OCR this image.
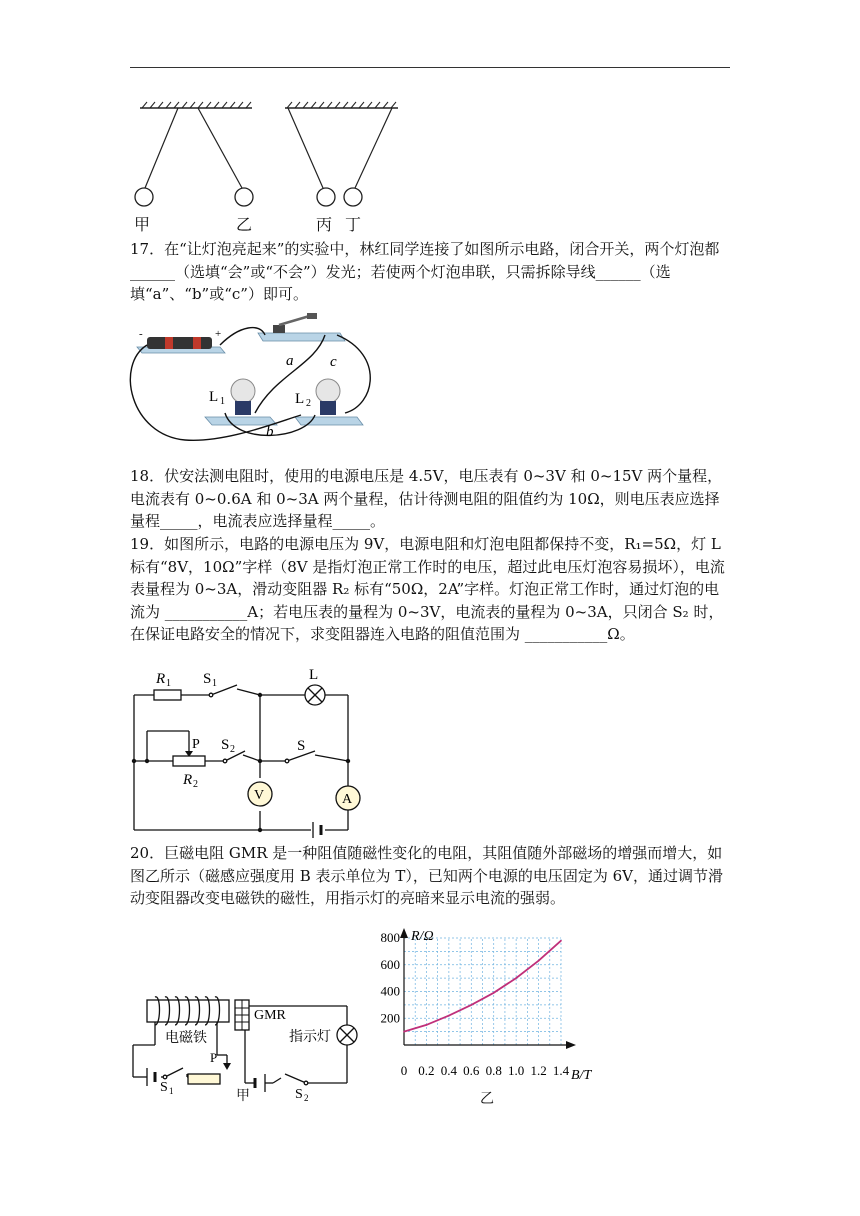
甲	乙	丙 丁

17．在“让灯泡亮起来”的实验中，林红同学连接了如图所示电路，闭合开关，两个灯泡都______（选填“会”或“不会”）发光；若使两个灯泡串联，只需拆除导线______（选填“a”、“b”或“c”）即可。

-	+
a c
b
L 1	L 2

18．伏安法测电阻时，使用的电源电压是 4.5V，电压表有 0~3V 和 0~15V 两个量程，电流表有 0~0.6A 和 0~3A 两个量程，估计待测电阻的阻值约为 10Ω，则电压表应选择量程_____，电流表应选择量程_____。

19．如图所示，电路的电源电压为 9V，电源电阻和灯泡电阻都保持不变，R₁=5Ω，灯 L 标有“8V，10Ω”字样（8V 是指灯泡正常工作时的电压，超过此电压灯泡容易损坏），电流表量程为 0~3A，滑动变阻器 R₂ 标有“50Ω，2A”字样。灯泡正常工作时，通过灯泡的电流为 ___________A；若电压表的量程为 0~3V，电流表的量程为 0~3A，只闭合 S₂ 时，在保证电路安全的情况下，求变阻器连入电路的阻值范围为 ___________Ω。

V	A
R 1 S 1
L
P S 2
R 2
S

20．巨磁电阻 GMR 是一种阻值随磁性变化的电阻，其阻值随外部磁场的增强而增大，如图乙所示（磁感应强度用 B 表示单位为 T），已知两个电源的电压固定为 6V，通过调节滑动变阻器改变电磁铁的磁性，用指示灯的亮暗来显示电流的强弱。

GMR
电磁铁	指示灯
P
S 1	S 2
甲
200
400
600
800
0 0.2 0.4 0.6 0.8 1.0 1.2 1.4
R/Ω
B/T
乙
